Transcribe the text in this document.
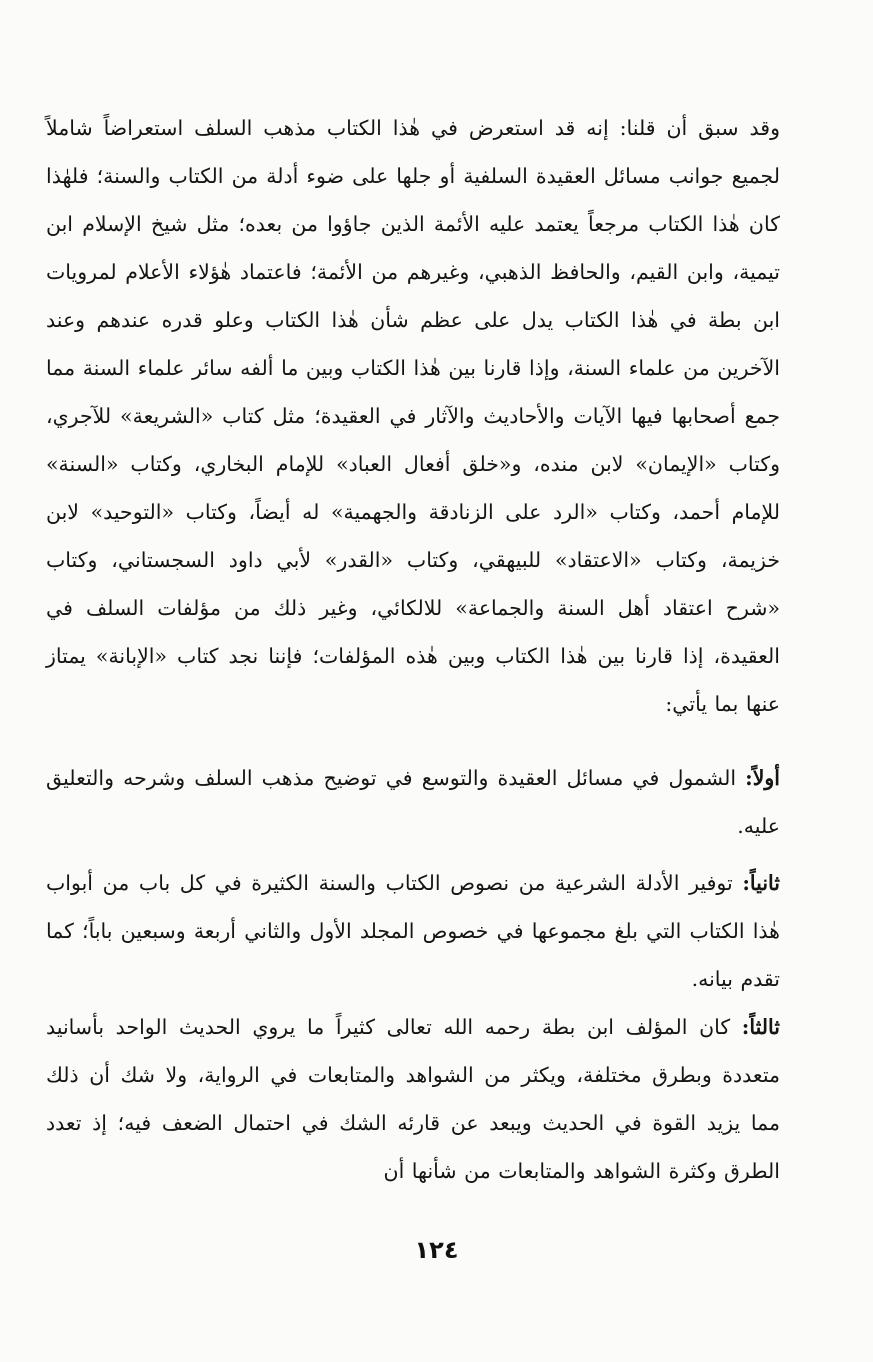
وقد سبق أن قلنا: إنه قد استعرض في هٰذا الكتاب مذهب السلف استعراضاً شاملاً لجميع جوانب مسائل العقيدة السلفية أو جلها على ضوء أدلة من الكتاب والسنة؛ فلهٰذا كان هٰذا الكتاب مرجعاً يعتمد عليه الأئمة الذين جاؤوا من بعده؛ مثل شيخ الإسلام ابن تيمية، وابن القيم، والحافظ الذهبي، وغيرهم من الأئمة؛ فاعتماد هٰؤلاء الأعلام لمرويات ابن بطة في هٰذا الكتاب يدل على عظم شأن هٰذا الكتاب وعلو قدره عندهم وعند الآخرين من علماء السنة، وإذا قارنا بين هٰذا الكتاب وبين ما ألفه سائر علماء السنة مما جمع أصحابها فيها الآيات والأحاديث والآثار في العقيدة؛ مثل كتاب «الشريعة» للآجري، وكتاب «الإيمان» لابن منده، و«خلق أفعال العباد» للإمام البخاري، وكتاب «السنة» للإمام أحمد، وكتاب «الرد على الزنادقة والجهمية» له أيضاً، وكتاب «التوحيد» لابن خزيمة، وكتاب «الاعتقاد» للبيهقي، وكتاب «القدر» لأبي داود السجستاني، وكتاب «شرح اعتقاد أهل السنة والجماعة» للالكائي، وغير ذلك من مؤلفات السلف في العقيدة، إذا قارنا بين هٰذا الكتاب وبين هٰذه المؤلفات؛ فإننا نجد كتاب «الإبانة» يمتاز عنها بما يأتي:

أولاً: الشمول في مسائل العقيدة والتوسع في توضيح مذهب السلف وشرحه والتعليق عليه.

ثانياً: توفير الأدلة الشرعية من نصوص الكتاب والسنة الكثيرة في كل باب من أبواب هٰذا الكتاب التي بلغ مجموعها في خصوص المجلد الأول والثاني أربعة وسبعين باباً؛ كما تقدم بيانه.

ثالثاً: كان المؤلف ابن بطة رحمه الله تعالى كثيراً ما يروي الحديث الواحد بأسانيد متعددة وبطرق مختلفة، ويكثر من الشواهد والمتابعات في الرواية، ولا شك أن ذلك مما يزيد القوة في الحديث ويبعد عن قارئه الشك في احتمال الضعف فيه؛ إذ تعدد الطرق وكثرة الشواهد والمتابعات من شأنها أن

١٢٤
